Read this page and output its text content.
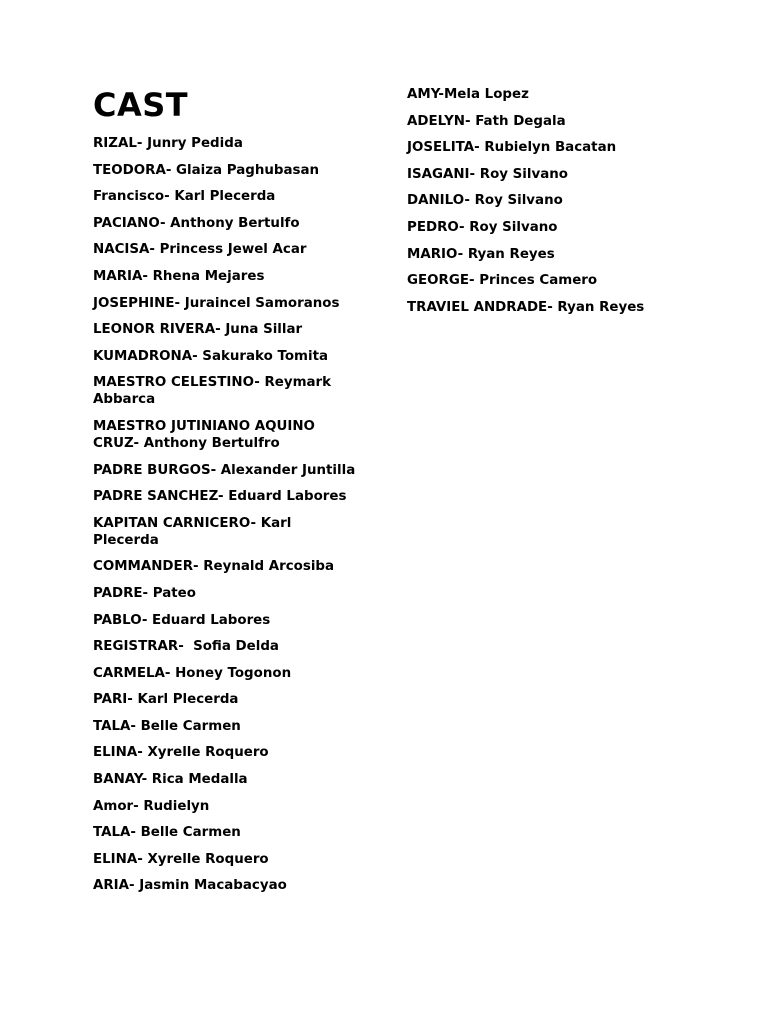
CAST
RIZAL- Junry Pedida
TEODORA- Glaiza Paghubasan
Francisco- Karl Plecerda
PACIANO- Anthony Bertulfo
NACISA- Princess Jewel Acar
MARIA- Rhena Mejares
JOSEPHINE- Juraincel Samoranos
LEONOR RIVERA- Juna Sillar
KUMADRONA- Sakurako Tomita
MAESTRO CELESTINO- Reymark Abbarca
MAESTRO JUTINIANO AQUINO CRUZ- Anthony Bertulfro
PADRE BURGOS- Alexander Juntilla
PADRE SANCHEZ- Eduard Labores
KAPITAN CARNICERO- Karl Plecerda
COMMANDER- Reynald Arcosiba
PADRE- Pateo
PABLO- Eduard Labores
REGISTRAR-  Sofia Delda
CARMELA- Honey Togonon
PARI- Karl Plecerda
TALA- Belle Carmen
ELINA- Xyrelle Roquero
BANAY- Rica Medalla
Amor- Rudielyn
TALA- Belle Carmen
ELINA- Xyrelle Roquero
ARIA- Jasmin Macabacyao
AMY-Mela Lopez
ADELYN- Fath Degala
JOSELITA- Rubielyn Bacatan
ISAGANI- Roy Silvano
DANILO- Roy Silvano
PEDRO- Roy Silvano
MARIO- Ryan Reyes
GEORGE- Princes Camero
TRAVIEL ANDRADE- Ryan Reyes
